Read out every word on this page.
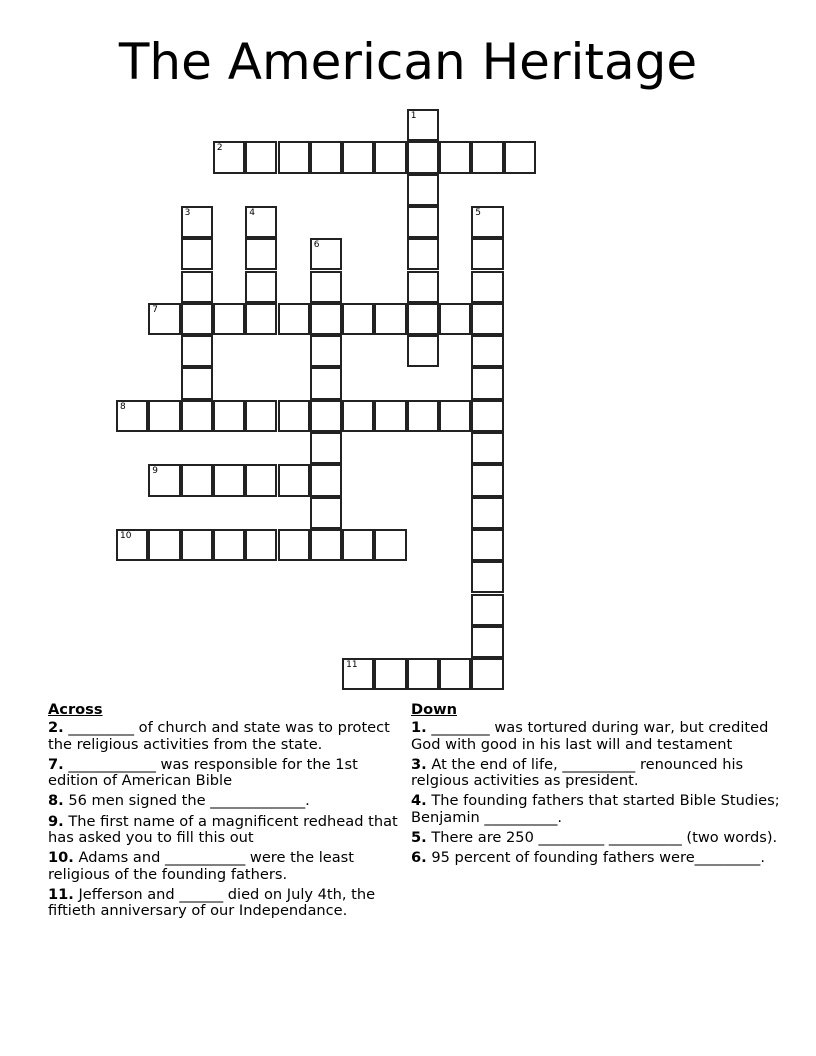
The American Heritage
1
2
3	4	5
6
7
8
9
10
11
Across
2. _________ of church and state was to protect the religious activities from the state.
7. ____________ was responsible for the 1st edition of American Bible
8. 56 men signed the _____________.
9. The first name of a magnificent redhead that has asked you to fill this out
10. Adams and ___________ were the least religious of the founding fathers.
11. Jefferson and ______ died on July 4th, the fiftieth anniversary of our Independance.
Down
1. ________ was tortured during war, but credited God with good in his last will and testament
3. At the end of life, __________ renounced his relgious activities as president.
4. The founding fathers that started Bible Studies; Benjamin __________.
5. There are 250 _________ __________ (two words).
6. 95 percent of founding fathers were_________.
